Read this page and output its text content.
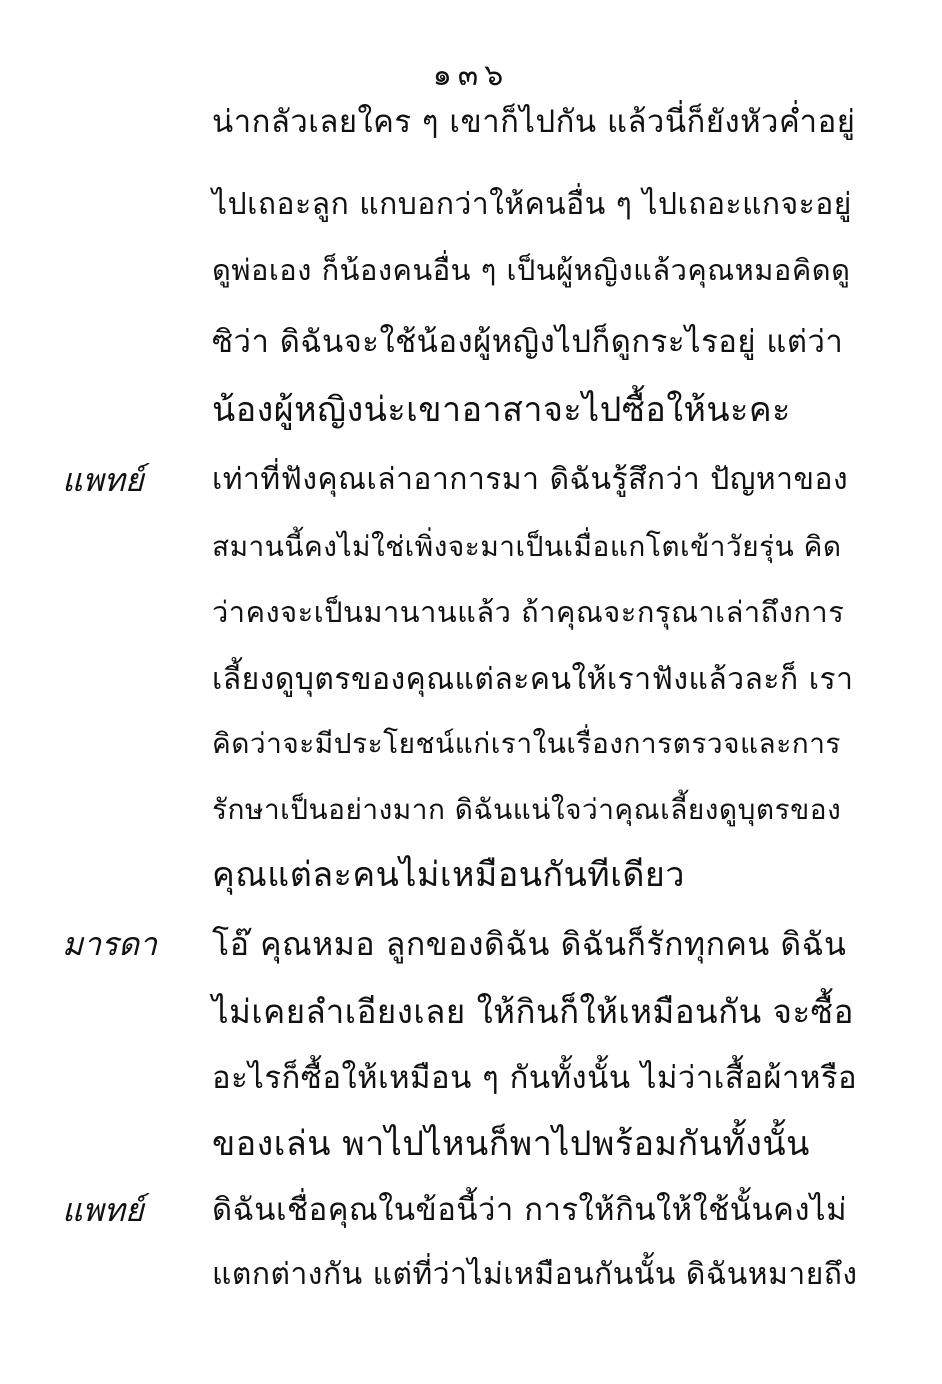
๑๓๖
น่ากลัวเลยใคร ๆ เขาก็ไปกัน แล้วนี่ก็ยังหัวค่ำอยู่
ไปเถอะลูก แกบอกว่าให้คนอื่น ๆ ไปเถอะแกจะอยู่
ดูพ่อเอง ก็น้องคนอื่น ๆ เป็นผู้หญิงแล้วคุณหมอคิดดู
ซิว่า ดิฉันจะใช้น้องผู้หญิงไปก็ดูกระไรอยู่ แต่ว่า
น้องผู้หญิงน่ะเขาอาสาจะไปซื้อให้นะคะ
แพทย์ เท่าที่ฟังคุณเล่าอาการมา ดิฉันรู้สึกว่า ปัญหาของ
สมานนี้คงไม่ใช่เพิ่งจะมาเป็นเมื่อแกโตเข้าวัยรุ่น คิด
ว่าคงจะเป็นมานานแล้ว ถ้าคุณจะกรุณาเล่าถึงการ
เลี้ยงดูบุตรของคุณแต่ละคนให้เราฟังแล้วละก็ เรา
คิดว่าจะมีประโยชน์แก่เราในเรื่องการตรวจและการ
รักษาเป็นอย่างมาก ดิฉันแน่ใจว่าคุณเลี้ยงดูบุตรของ
คุณแต่ละคนไม่เหมือนกันทีเดียว
มารดา โอ๊ คุณหมอ ลูกของดิฉัน ดิฉันก็รักทุกคน ดิฉัน
ไม่เคยลำเอียงเลย ให้กินก็ให้เหมือนกัน จะซื้อ
อะไรก็ซื้อให้เหมือน ๆ กันทั้งนั้น ไม่ว่าเสื้อผ้าหรือ
ของเล่น พาไปไหนก็พาไปพร้อมกันทั้งนั้น
แพทย์ ดิฉันเชื่อคุณในข้อนี้ว่า การให้กินให้ใช้นั้นคงไม่
แตกต่างกัน แต่ที่ว่าไม่เหมือนกันนั้น ดิฉันหมายถึง
